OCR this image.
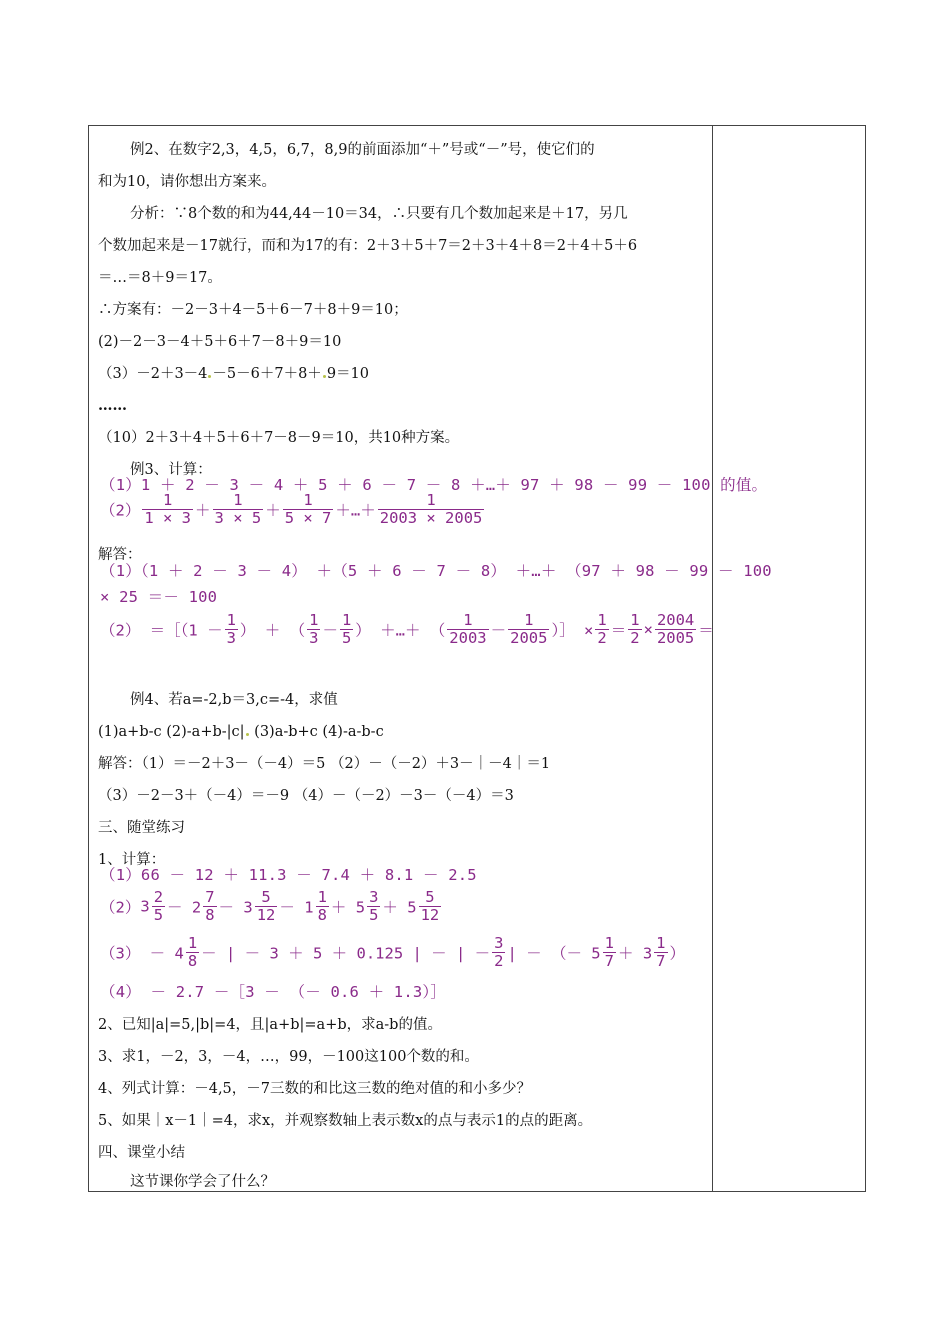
例2、在数字2,3，4,5，6,7，8,9的前面添加“＋”号或“－”号，使它们的
和为10，请你想出方案来。
分析：∵8个数的和为44,44－10＝34，∴只要有几个数加起来是＋17，另几
个数加起来是－17就行，而和为17的有：2＋3＋5＋7＝2＋3＋4＋8＝2＋4＋5＋6
＝…＝8＋9＝17。
∴方案有：－2－3＋4－5＋6－7＋8＋9＝10；
(2)－2－3－4＋5＋6＋7－8＋9＝10
（3）－2＋3－4 －5－6＋7＋8＋ 9＝10
……
（10）2＋3＋4＋5＋6＋7－8－9＝10，共10种方案。
例3、计算：
（1）1 ＋ 2 － 3 － 4 ＋ 5 ＋ 6 － 7 － 8 ＋…＋ 97 ＋ 98 － 99 － 100 的值。
$(2) \frac{1}{1 \times 3} + \frac{1}{3 \times 5} + \frac{1}{5 \times 7}$ ＋…＋ $\frac{1}{2003 \times 2005}$
解答：
（1）（1 ＋ 2 － 3 － 4） ＋（5 ＋ 6 － 7 － 8） ＋…＋ （97 ＋ 98 － 99 － 100
× 25 ＝－ 100
（2） ＝［（1 － $\frac{1}{3}$ ） ＋ （ $\frac{1}{3} - \frac{1}{5}$ ） ＋…＋ （ $\frac{1}{2003} - \frac{1}{2005}$ ）］ × $\frac{1}{2} = \frac{1}{2} \times \frac{2004}{2005}$ ＝
例4、若a=-2,b＝3,c=-4，求值
(1)a+b-c (2)-a+b-|c| (3)a-b+c (4)-a-b-c
解答：（1）＝－2＋3－（－4）＝5 （2）－（－2）＋3－｜－4｜＝1
（3）－2－3＋（－4）＝－9 （4）－（－2）－3－（－4）＝3
三、随堂练习
1、计算：
（1）66 － 12 ＋ 11.3 － 7.4 ＋ 8.1 － 2.5
$(2)3 \frac{2}{5} - 2 \frac{7}{8} - 3 \frac{5}{12} - 1 \frac{1}{8} + 5 \frac{3}{5} + 5 \frac{5}{12}$
$(3) - 4 \frac{1}{8}$ － | － 3 ＋ 5 ＋ 0.125 | － | － $\frac{3}{2}$ | － （－ $5 \frac{1}{7} + 3 \frac{1}{7}$ ）
（4） － 2.7 －［3 － （－ 0.6 ＋ 1.3）］
2、已知|a|=5,|b|=4，且|a+b|=a+b，求a-b的值。
3、求1，－2，3，－4，…，99，－100这100个数的和。
4、列式计算：－4,5，－7三数的和比这三数的绝对值的和小多少？
5、如果｜x－1｜=4，求x，并观察数轴上表示数x的点与表示1的点的距离。
四、课堂小结
这节课你学会了什么？
